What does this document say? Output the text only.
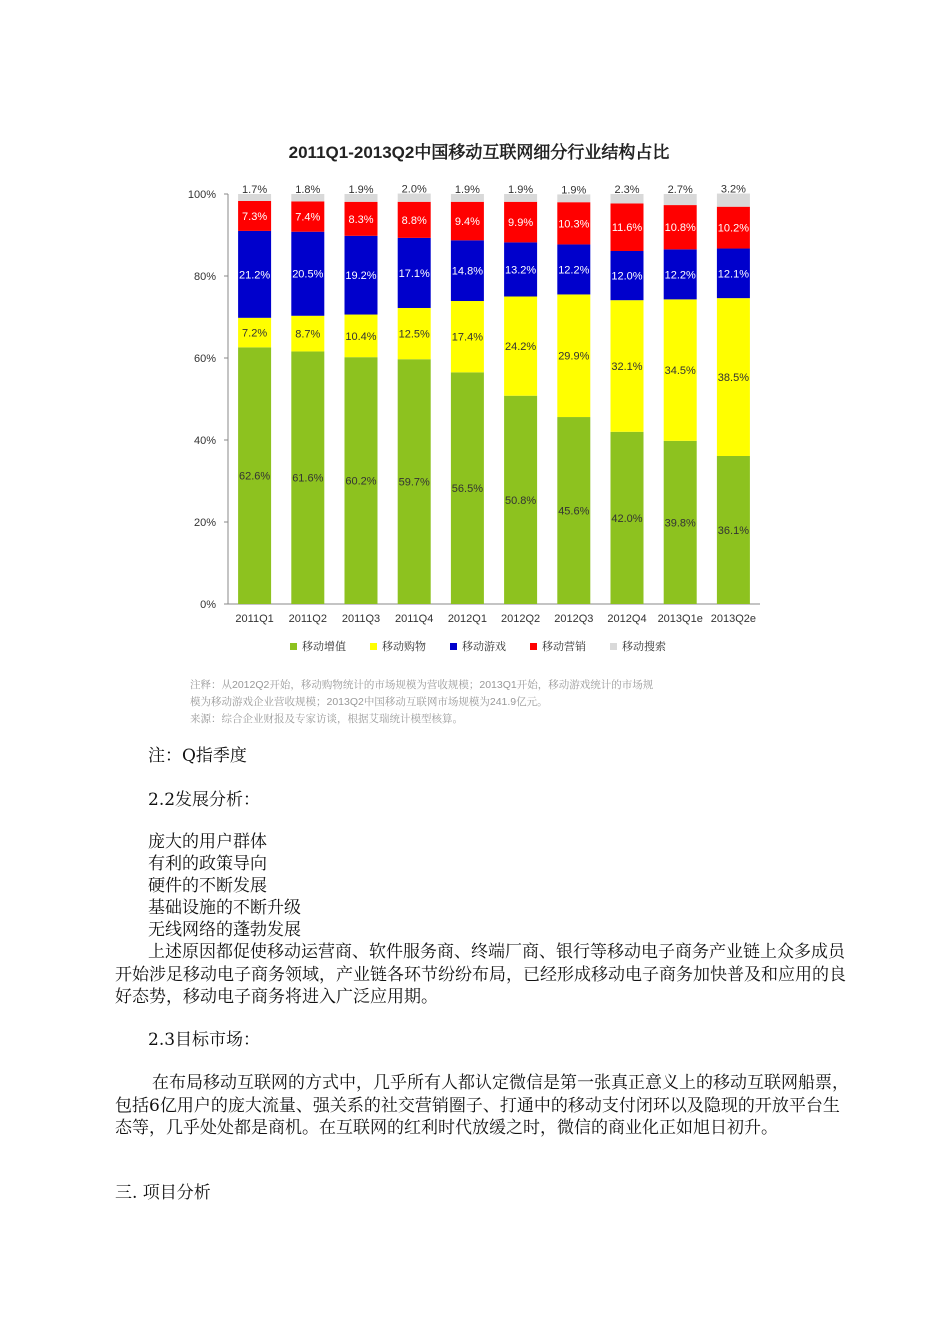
2011Q1-2013Q2中国移动互联网细分行业结构占比
0%
20%
40%
60%
80%
100%
62.6%
7.2%
21.2%
7.3%
1.7%
2011Q1
61.6%
8.7%
20.5%
7.4%
1.8%
2011Q2
60.2%
10.4%
19.2%
8.3%
1.9%
2011Q3
59.7%
12.5%
17.1%
8.8%
2.0%
2011Q4
56.5%
17.4%
14.8%
9.4%
1.9%
2012Q1
50.8%
24.2%
13.2%
9.9%
1.9%
2012Q2
45.6%
29.9%
12.2%
10.3%
1.9%
2012Q3
42.0%
32.1%
12.0%
11.6%
2.3%
2012Q4
39.8%
34.5%
12.2%
10.8%
2.7%
2013Q1e
36.1%
38.5%
12.1%
10.2%
3.2%
2013Q2e
移动增值	移动购物	移动游戏	移动营销	移动搜索
注释：从2012Q2开始，移动购物统计的市场规模为营收规模；2013Q1开始，移动游戏统计的市场规
模为移动游戏企业营收规模；2013Q2中国移动互联网市场规模为241.9亿元。
来源：综合企业财报及专家访谈，根据艾瑞统计模型核算。
注：Q指季度
2.2发展分析：
庞大的用户群体
有利的政策导向
硬件的不断发展
基础设施的不断升级
无线网络的蓬勃发展
上述原因都促使移动运营商、软件服务商、终端厂商、银行等移动电子商务产业链上众多成员开始涉足移动电子商务领域，产业链各环节纷纷布局，已经形成移动电子商务加快普及和应用的良好态势，移动电子商务将进入广泛应用期。
2.3目标市场：
在布局移动互联网的方式中，几乎所有人都认定微信是第一张真正意义上的移动互联网船票，包括6亿用户的庞大流量、强关系的社交营销圈子、打通中的移动支付闭环以及隐现的开放平台生态等，几乎处处都是商机。在互联网的红利时代放缓之时，微信的商业化正如旭日初升。
三. 项目分析
